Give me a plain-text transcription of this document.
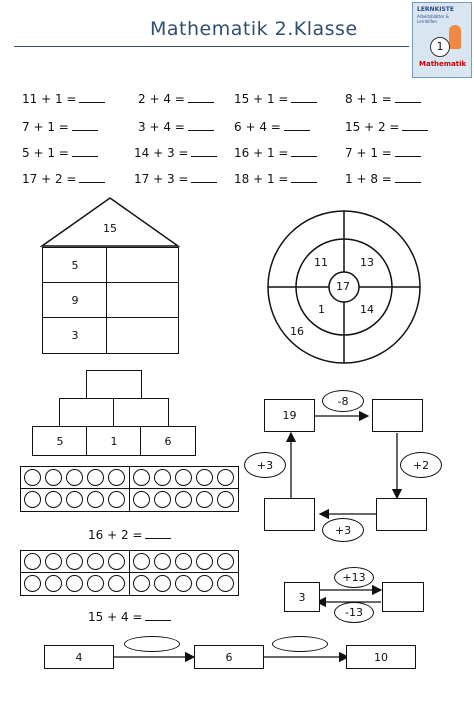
Mathematik 2.Klasse
LERNKISTE
Arbeitsblätter & Lernhilfen
1
Mathematik
11 + 1 =	2 + 4 =	15 + 1 =	8 + 1 =
7 + 1 =	3 + 4 =	6 + 4 =	15 + 2 =
5 + 1 =	14 + 3 =	16 + 1 =	7 + 1 =
17 + 2 =	17 + 3 =	18 + 1 =	1 + 8 =
15
5
9
3
17
11	13
1	14
16
5	1	6
19
-8
+2
+3
+3
16 + 2 =
15 + 4 =
3
+13
-13
4	6	10
